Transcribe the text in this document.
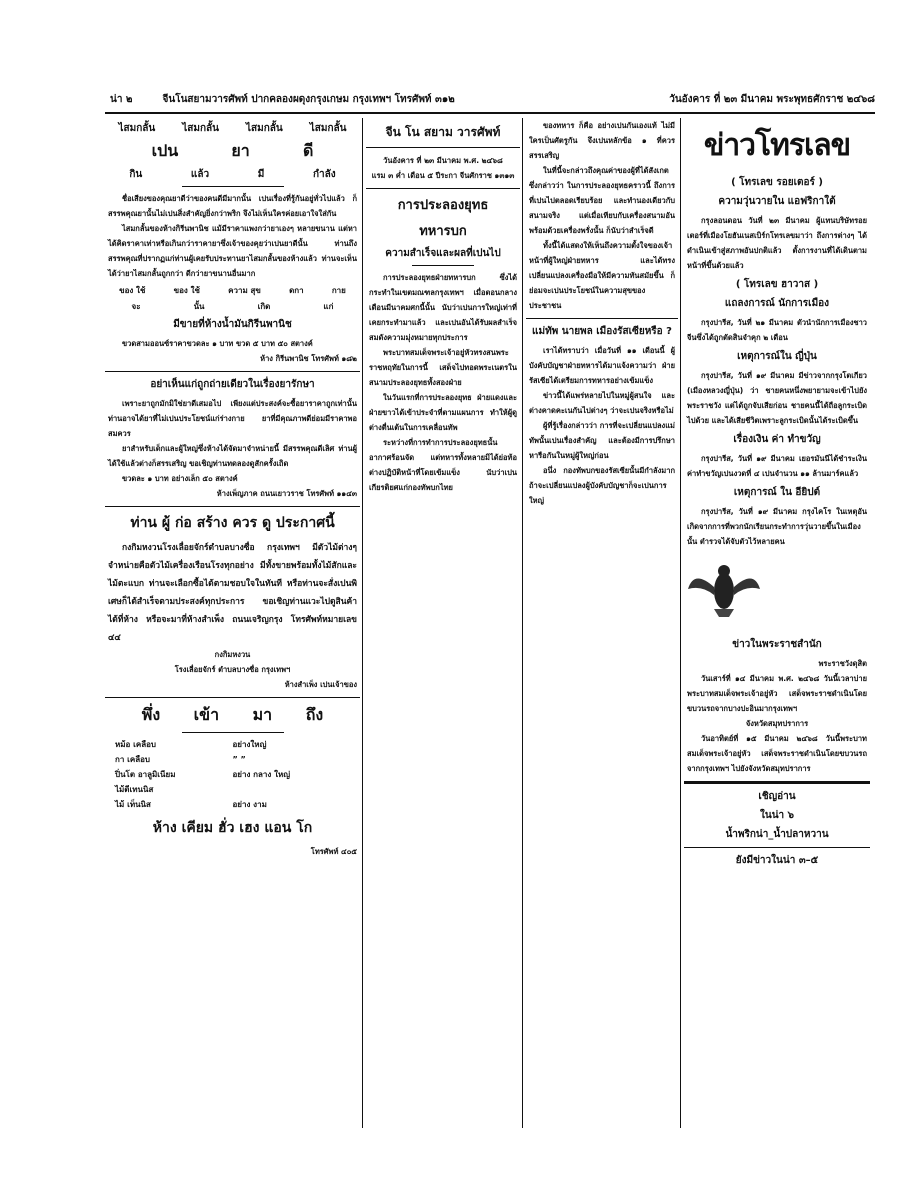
น่า ๒	จีนโนสยามวารศัพท์ ปากคลองผดุงกรุงเกษม กรุงเทพฯ โทรศัพท์ ๓๑๒	วันอังคาร ที่ ๒๓ มีนาคม พระพุทธศักราช ๒๔๖๘
ไสมกลั้น	ไสมกลั้น	ไสมกลั้น	ไสมกลั้น
เปน	ยา	ดี
กิน	แล้ว	มี	กำลัง

ชื่อเสียงของคุณยาดีว่าของคนดีมีมากนั้น เปนเรื่องที่รู้กันอยู่ทั่วไปแล้ว ก็สรรพคุณยานั้นไม่เปนสิ่งสำคัญยิ่งกว่าพริก จึงไม่เห็นใครค่อยเอาใจใส่กัน

ไสมกลั้นของห้างกิรีนพานิช แม้มีราคาแพงกว่ายาเองๆ หลายขนาน แต่หาได้คิดราคาเท่าหรือเกินกว่าราคายาซึ่งเจ้าของคุยว่าเปนยาดีนั้น ท่านถึงสรรพคุณที่ปรากฏแก่ท่านผู้เคยรับประทานยาไสมกลั้นของห้างแล้ว ท่านจะเห็นได้ว่ายาไสมกลั้นถูกกว่า ดีกว่ายาขนานอื่นมาก

ของ ใช้	ของ ใช้	ความ สุข	ดกา	กาย
จะ	นั้น	เกิด	แก่
มีขายที่ห้างน้ำมันกิรีนพานิช

ขวดสามออนซ์ราคาขวดละ ๑ บาท ขวด ๕ บาท ๕๐ สตางค์

ห้าง กิรีนพานิช โทรศัพท์ ๑๘๒

อย่าเห็นแก่ถูกถ่ายเดียวในเรื่องยารักษา

เพราะยาถูกมักมิใช่ยาดีเสมอไป เพียงแต่ประสงค์จะซื้อยาราคาถูกเท่านั้น ท่านอาจได้ยาที่ไม่เปนประโยชน์แก่ร่างกาย ยาที่มีคุณภาพดีย่อมมีราคาพอสมควร

ยาสำหรับเด็กและผู้ใหญ่ซึ่งห้างได้จัดมาจำหน่ายนี้ มีสรรพคุณดีเลิศ ท่านผู้ได้ใช้แล้วต่างก็สรรเสริญ ขอเชิญท่านทดลองดูสักครั้งเถิด

ขวดละ ๑ บาท อย่างเล็ก ๕๐ สตางค์

ห้างเพ็ญภาค ถนนเยาวราช โทรศัพท์ ๑๑๔๓

ท่าน ผู้ ก่อ สร้าง ควร ดู ประกาศนี้

กงกิมหงวนโรงเลื่อยจักร์ตำบลบางซื่อ กรุงเทพฯ มีตัวไม้ต่างๆ จำหน่ายคือตัวไม้เครื่องเรือนโรงทุกอย่าง มีทั้งขายพร้อมทั้งไม้สักและไม้ตะแบก ท่านจะเลือกซื้อได้ตามชอบใจในทันที หรือท่านจะสั่งเปนพิเศษก็ได้สำเร็จตามประสงค์ทุกประการ ขอเชิญท่านแวะไปดูสินค้าได้ที่ห้าง หรือจะมาที่ห้างสำเพ็ง ถนนเจริญกรุง โทรศัพท์หมายเลข ๔๔

กงกิมหงวน

โรงเลื่อยจักร์ ตำบลบางซื่อ กรุงเทพฯ

ห้างสำเพ็ง เปนเจ้าของ

พึ่ง เข้า มา ถึง
หม้อ เคลือบ	อย่างใหญ่
กา เคลือบ	” ”
ปิ่นโต อาลูมิเนียม	อย่าง กลาง ใหญ่
ไม้ตีเทนนิส
ไม้ เท็นนิส	อย่าง งาม
ห้าง เคียม ฮั่ว เฮง แอน โก

โทรศัพท์ ๔๐๕

จีน โน สยาม วารศัพท์

วันอังคาร ที่ ๒๓ มีนาคม พ.ศ. ๒๔๖๘

แรม ๓ ค่ำ เดือน ๕ ปีระกา จีนศักราช ๑๓๑๓

การประลองยุทธ
ทหารบก
ความสำเร็จและผลที่เปนไป

การประลองยุทธฝ่ายทหารบก ซึ่งได้กระทำในเขตมณฑลกรุงเทพฯ เมื่อตอนกลางเดือนมีนาคมศกนี้นั้น นับว่าเปนการใหญ่เท่าที่เคยกระทำมาแล้ว และเปนอันได้รับผลสำเร็จสมดังความมุ่งหมายทุกประการ

พระบาทสมเด็จพระเจ้าอยู่หัวทรงสนพระราชหฤทัยในการนี้ เสด็จไปทอดพระเนตรในสนามประลองยุทธทั้งสองฝ่าย

ในวันแรกที่การประลองยุทธ ฝ่ายแดงและฝ่ายขาวได้เข้าประจำที่ตามแผนการ ทำให้ผู้ดูต่างตื่นเต้นในการเคลื่อนทัพ

ระหว่างที่การทำการประลองยุทธนั้น อากาศร้อนจัด แต่ทหารทั้งหลายมิได้ย่อท้อ ต่างปฏิบัติหน้าที่โดยเข้มแข็ง นับว่าเปนเกียรติยศแก่กองทัพบกไทย

ของทหาร ก็คือ อย่างเปนกันเองแท้ ไม่มีใครเป็นศัตรูกัน จึงเปนหลักข้อ ๑ ที่ควรสรรเสริญ

ในที่นี้จะกล่าวถึงคุณค่าของผู้ที่ได้สังเกต ซึ่งกล่าวว่า ในการประลองยุทธคราวนี้ ถึงการที่เปนไปตลอดเรียบร้อย และทำนองเดียวกับสนามจริง แต่เมื่อเทียบกับเครื่องสนามอันพร้อมด้วยเครื่องพรั่งนั้น ก็นับว่าสำเร็จดี

ทั้งนี้ได้แสดงให้เห็นถึงความตั้งใจของเจ้าหน้าที่ผู้ใหญ่ฝ่ายทหาร และได้ทรงเปลี่ยนแปลงเครื่องมือให้มีความทันสมัยขึ้น ก็ย่อมจะเปนประโยชน์ในความสุขของประชาชน

แม่ทัพ นายพล เมืองรัสเซียหรือ ?

เราได้ทราบว่า เมื่อวันที่ ๑๑ เดือนนี้ ผู้บังคับบัญชาฝ่ายทหารได้มาแจ้งความว่า ฝ่ายรัสเซียได้เตรียมการทหารอย่างเข้มแข็ง

ข่าวนี้ได้แพร่หลายไปในหมู่ผู้สนใจ และต่างคาดคะเนกันไปต่างๆ ว่าจะเปนจริงหรือไม่

ผู้ที่รู้เรื่องกล่าวว่า การที่จะเปลี่ยนแปลงแม่ทัพนั้นเปนเรื่องสำคัญ และต้องมีการปรึกษาหารือกันในหมู่ผู้ใหญ่ก่อน

อนึ่ง กองทัพบกของรัสเซียนั้นมีกำลังมาก ถ้าจะเปลี่ยนแปลงผู้บังคับบัญชาก็จะเปนการใหญ่

ข่าวโทรเลข
( โทรเลข รอยเตอร์ )
ความวุ่นวายใน แอฟริกาใต้

กรุงลอนดอน วันที่ ๒๓ มีนาคม ผู้แทนบริษัทรอยเตอร์ที่เมืองโยฮันเนสเบิร์กโทรเลขมาว่า ถึงการต่างๆ ได้ดำเนินเข้าสู่สภาพอันปกติแล้ว ตั้งการงานที่ได้เดินตามหน้าที่ขึ้นด้วยแล้ว

( โทรเลข ฮาวาส )
แถลงการณ์ นักการเมือง

กรุงปารีส, วันที่ ๒๑ มีนาคม ตัวนำนักการเมืองชาวจีนซึ่งได้ถูกตัดสินจำคุก ๒ เดือน

เหตุการณ์ใน ญี่ปุ่น

กรุงปารีส, วันที่ ๑๙ มีนาคม มีข่าวจากกรุงโตเกียว (เมืองหลวงญี่ปุ่น) ว่า ชายคนหนึ่งพยายามจะเข้าไปยังพระราชวัง แต่ได้ถูกจับเสียก่อน ชายคนนี้ได้ถือลูกระเบิดไปด้วย และได้เสียชีวิตเพราะลูกระเบิดนั้นได้ระเบิดขึ้น

เรื่องเงิน ค่า ทำขวัญ

กรุงปารีส, วันที่ ๑๙ มีนาคม เยอรมันนีได้ชำระเงินค่าทำขวัญเปนงวดที่ ๔ เปนจำนวน ๑๑ ล้านมาร์คแล้ว

เหตุการณ์ ใน อียิปต์

กรุงปารีส, วันที่ ๑๙ มีนาคม กรุงไคโร ในเหตุอันเกิดจากการที่พวกนักเรียนกระทำการวุ่นวายขึ้นในเมืองนั้น ตำรวจได้จับตัวไว้หลายคน

ข่าวในพระราชสำนัก

พระราชวังดุสิต

วันเสาร์ที่ ๑๔ มีนาคม พ.ศ. ๒๔๖๘ วันนี้เวลาบ่าย พระบาทสมเด็จพระเจ้าอยู่หัว เสด็จพระราชดำเนินโดยขบวนรถจากบางปะอินมากรุงเทพฯ

จังหวัดสมุทปราการ

วันอาทิตย์ที่ ๑๕ มีนาคม ๒๔๖๘ วันนี้พระบาทสมเด็จพระเจ้าอยู่หัว เสด็จพระราชดำเนินโดยขบวนรถจากกรุงเทพฯ ไปยังจังหวัดสมุทปราการ

เชิญอ่าน
ในน่า ๖
น้ำพริกน่า_น้ำปลาหวาน
ยังมีข่าวในน่า ๓–๕
